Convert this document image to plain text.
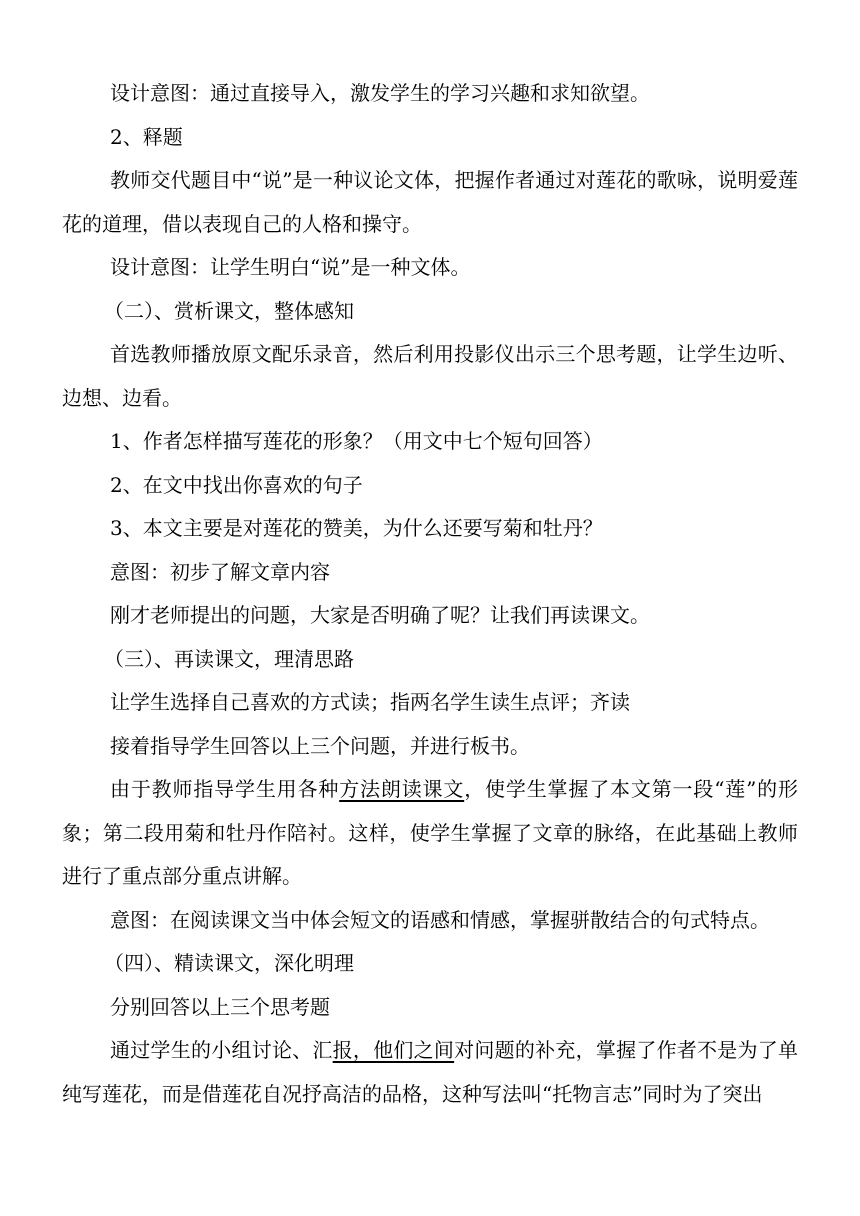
设计意图：通过直接导入，激发学生的学习兴趣和求知欲望。

2、释题

教师交代题目中“说”是一种议论文体，把握作者通过对莲花的歌咏，说明爱莲花的道理，借以表现自己的人格和操守。

设计意图：让学生明白“说”是一种文体。

（二）、赏析课文，整体感知

首选教师播放原文配乐录音，然后利用投影仪出示三个思考题，让学生边听、边想、边看。

1、作者怎样描写莲花的形象？（用文中七个短句回答）

2、在文中找出你喜欢的句子

3、本文主要是对莲花的赞美，为什么还要写菊和牡丹？

意图：初步了解文章内容

刚才老师提出的问题，大家是否明确了呢？让我们再读课文。

（三）、再读课文，理清思路

让学生选择自己喜欢的方式读；指两名学生读生点评；齐读

接着指导学生回答以上三个问题，并进行板书。

由于教师指导学生用各种方法朗读课文，使学生掌握了本文第一段“莲”的形象；第二段用菊和牡丹作陪衬。这样，使学生掌握了文章的脉络，在此基础上教师进行了重点部分重点讲解。

意图：在阅读课文当中体会短文的语感和情感，掌握骈散结合的句式特点。

（四）、精读课文，深化明理

分别回答以上三个思考题

通过学生的小组讨论、汇报，他们之间对问题的补充，掌握了作者不是为了单纯写莲花，而是借莲花自况抒高洁的品格，这种写法叫“托物言志”同时为了突出
